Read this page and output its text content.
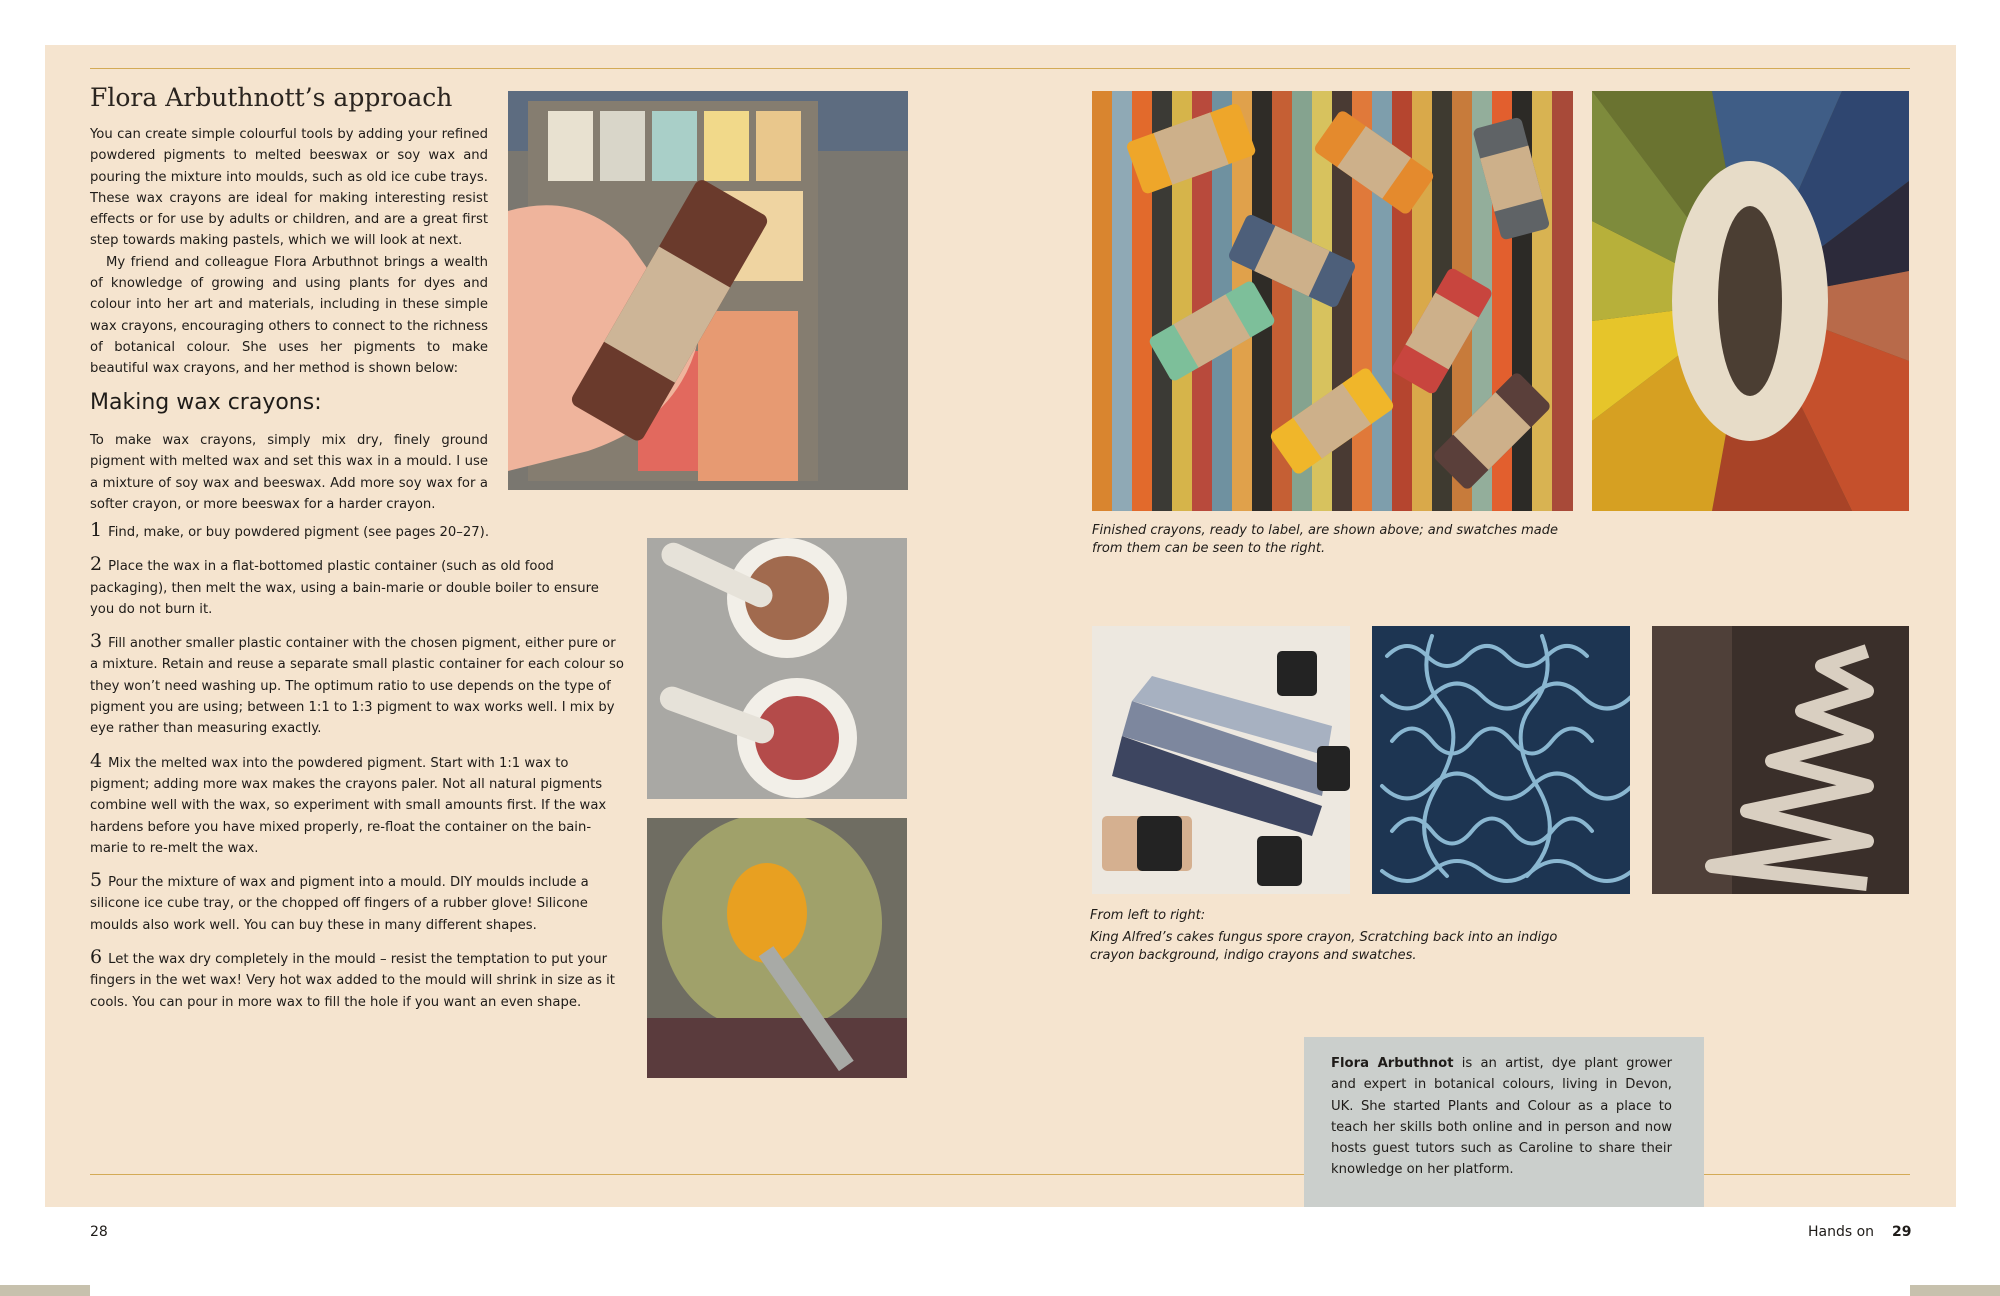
Flora Arbuthnott’s approach

You can create simple colourful tools by adding your refined powdered pigments to melted beeswax or soy wax and pouring the mixture into moulds, such as old ice cube trays. These wax crayons are ideal for making interesting resist effects or for use by adults or children, and are a great first step towards making pastels, which we will look at next.

My friend and colleague Flora Arbuthnot brings a wealth of knowledge of growing and using plants for dyes and colour into her art and materials, including in these simple wax crayons, encouraging others to connect to the richness of botanical colour. She uses her pigments to make beautiful wax crayons, and her method is shown below:

Making wax crayons:

To make wax crayons, simply mix dry, finely ground pigment with melted wax and set this wax in a mould. I use a mixture of soy wax and beeswax. Add more soy wax for a softer crayon, or more beeswax for a harder crayon.

1 Find, make, or buy powdered pigment (see pages 20–27).

2 Place the wax in a flat-bottomed plastic container (such as old food packaging), then melt the wax, using a bain-marie or double boiler to ensure you do not burn it.

3 Fill another smaller plastic container with the chosen pigment, either pure or a mixture. Retain and reuse a separate small plastic container for each colour so they won’t need washing up. The optimum ratio to use depends on the type of pigment you are using; between 1:1 to 1:3 pigment to wax works well. I mix by eye rather than measuring exactly.

4 Mix the melted wax into the powdered pigment. Start with 1:1 wax to pigment; adding more wax makes the crayons paler. Not all natural pigments combine well with the wax, so experiment with small amounts first. If the wax hardens before you have mixed properly, re-float the container on the bain-marie to re-melt the wax.

5 Pour the mixture of wax and pigment into a mould. DIY moulds include a silicone ice cube tray, or the chopped off fingers of a rubber glove! Silicone moulds also work well. You can buy these in many different shapes.

6 Let the wax dry completely in the mould – resist the temptation to put your fingers in the wet wax! Very hot wax added to the mould will shrink in size as it cools. You can pour in more wax to fill the hole if you want an even shape.

Finished crayons, ready to label, are shown above; and swatches made from them can be seen to the right.
From left to right:
King Alfred’s cakes fungus spore crayon, Scratching back into an indigo crayon background, indigo crayons and swatches.

Flora Arbuthnot is an artist, dye plant grower and expert in botanical colours, living in Devon, UK. She started Plants and Colour as a place to teach her skills both online and in person and now hosts guest tutors such as Caroline to share their knowledge on her platform.

28	Hands on 29
